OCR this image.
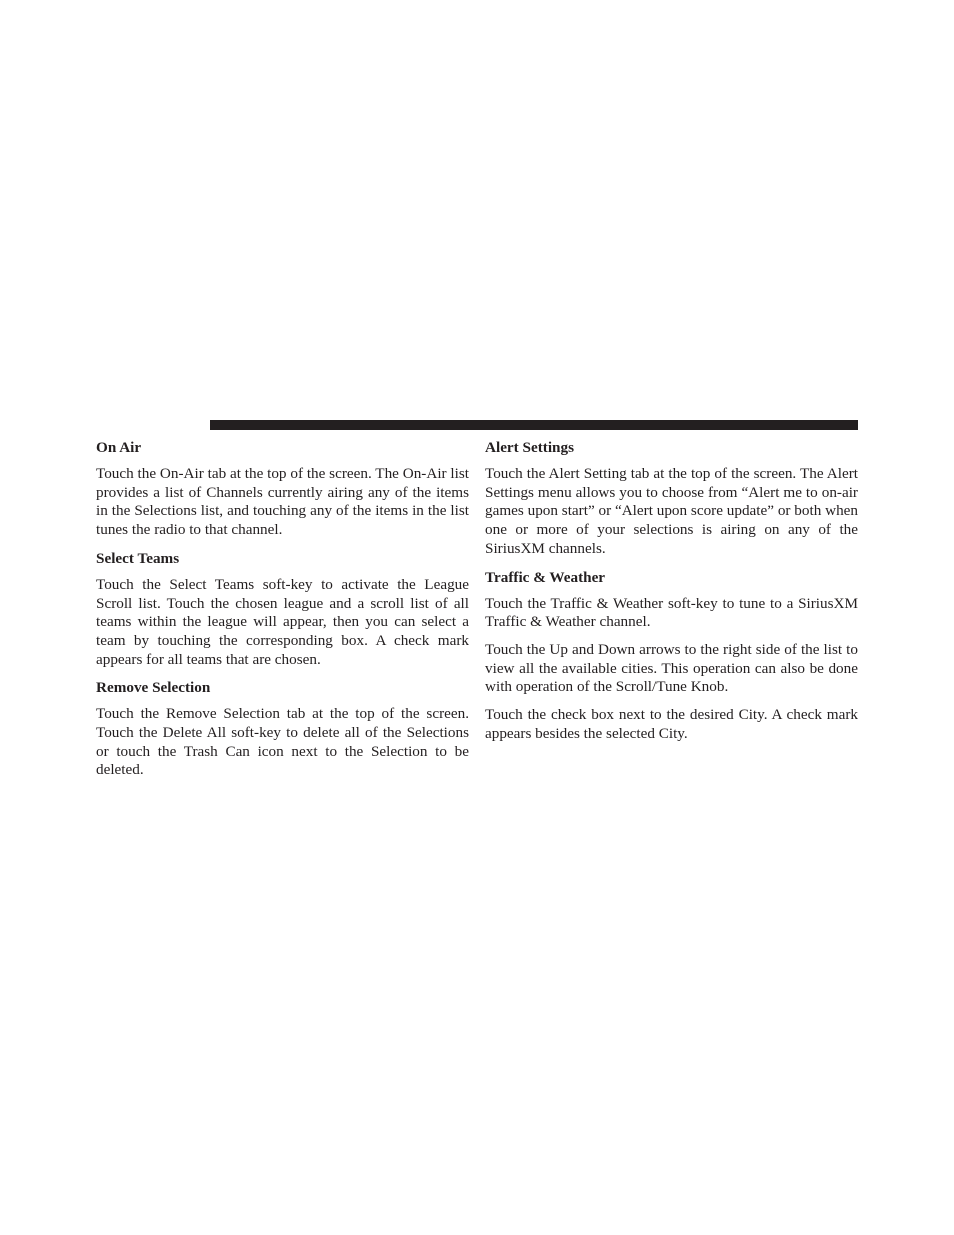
On Air

Touch the On-Air tab at the top of the screen. The On-Air list provides a list of Channels currently airing any of the items in the Selections list, and touching any of the items in the list tunes the radio to that channel.

Select Teams

Touch the Select Teams soft-key to activate the League Scroll list. Touch the chosen league and a scroll list of all teams within the league will appear, then you can select a team by touching the corresponding box. A check mark appears for all teams that are chosen.

Remove Selection

Touch the Remove Selection tab at the top of the screen. Touch the Delete All soft-key to delete all of the Selections or touch the Trash Can icon next to the Selection to be deleted.

Alert Settings

Touch the Alert Setting tab at the top of the screen. The Alert Settings menu allows you to choose from “Alert me to on-air games upon start” or “Alert upon score update” or both when one or more of your selections is airing on any of the SiriusXM channels.

Traffic & Weather

Touch the Traffic & Weather soft-key to tune to a SiriusXM Traffic & Weather channel.

Touch the Up and Down arrows to the right side of the list to view all the available cities. This operation can also be done with operation of the Scroll/Tune Knob.

Touch the check box next to the desired City. A check mark appears besides the selected City.
